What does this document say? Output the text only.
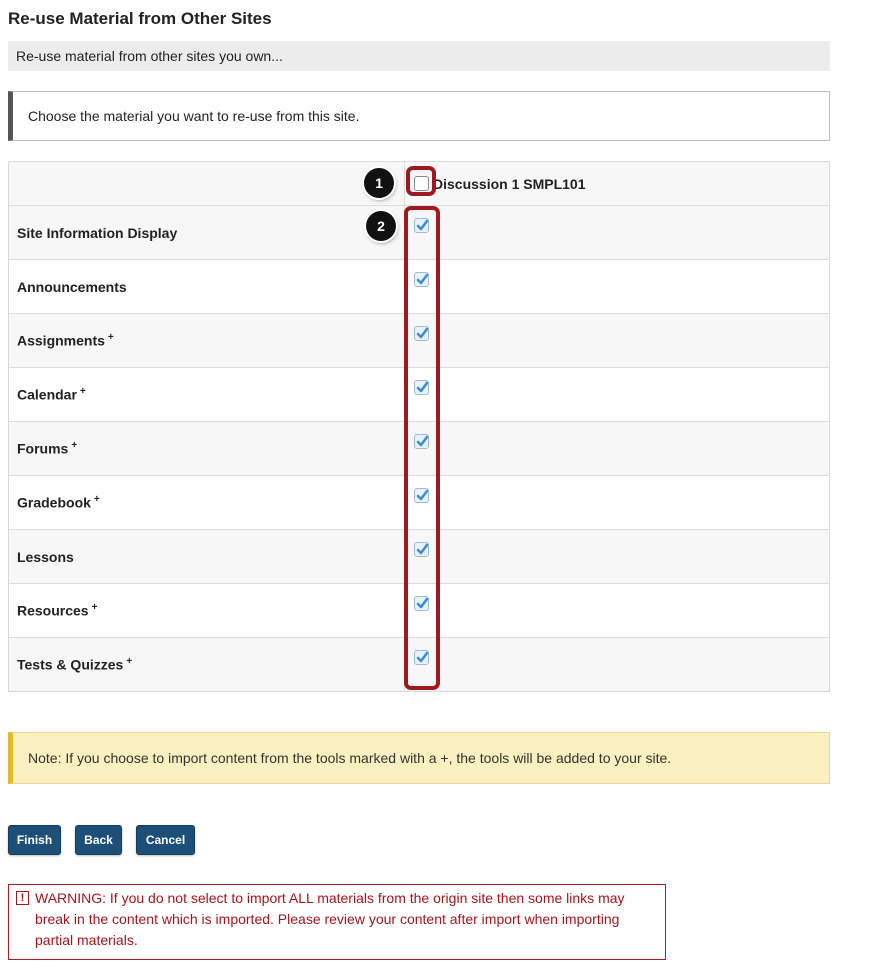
Re-use Material from Other Sites
Re-use material from other sites you own...
Choose the material you want to re-use from this site.

Discussion 1 SMPL101
Site Information Display	

Announcements	

Assignments +	

Calendar +	

Forums +	

Gradebook +	

Lessons	

Resources +	

Tests & Quizzes +	
1
2
Note: If you choose to import content from the tools marked with a +, the tools will be added to your site.
Finish	Back	Cancel
! WARNING: If you do not select to import ALL materials from the origin site then some links may break in the content which is imported. Please review your content after import when importing partial materials.
